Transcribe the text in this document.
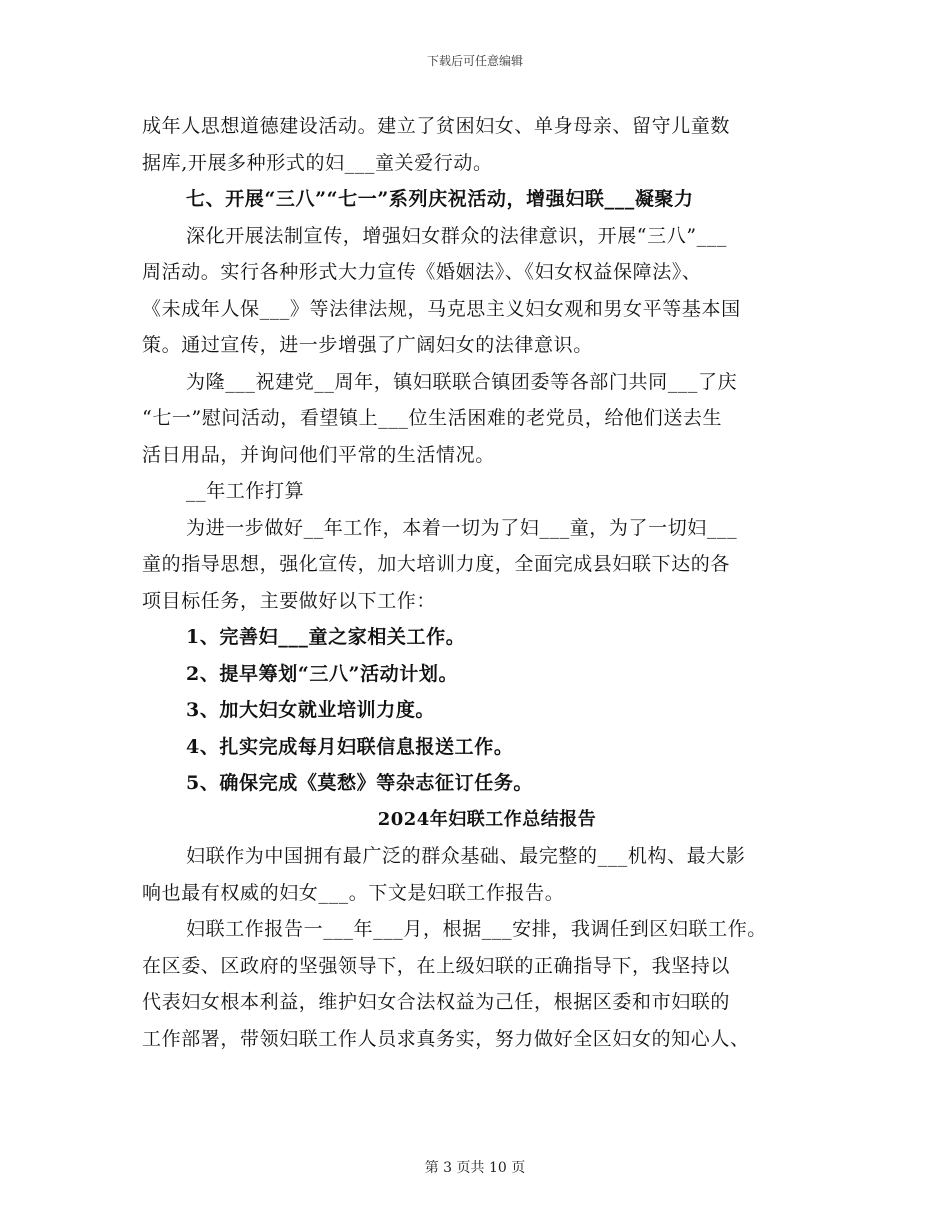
下载后可任意编辑
成年人思想道德建设活动。建立了贫困妇女、单身母亲、留守儿童数
据库,开展多种形式的妇___童关爱行动。
七、开展“三八”“七一”系列庆祝活动，增强妇联___凝聚力
深化开展法制宣传，增强妇女群众的法律意识，开展“三八”___
周活动。实行各种形式大力宣传《婚姻法》、《妇女权益保障法》、
《未成年人保___》等法律法规，马克思主义妇女观和男女平等基本国
策。通过宣传，进一步增强了广阔妇女的法律意识。
为隆___祝建党__周年，镇妇联联合镇团委等各部门共同___了庆
“七一”慰问活动，看望镇上___位生活困难的老党员，给他们送去生
活日用品，并询问他们平常的生活情况。
__年工作打算
为进一步做好__年工作，本着一切为了妇___童，为了一切妇___
童的指导思想，强化宣传，加大培训力度，全面完成县妇联下达的各
项目标任务，主要做好以下工作：
1、完善妇___童之家相关工作。
2、提早筹划“三八”活动计划。
3、加大妇女就业培训力度。
4、扎实完成每月妇联信息报送工作。
5、确保完成《莫愁》等杂志征订任务。
2024年妇联工作总结报告
妇联作为中国拥有最广泛的群众基础、最完整的___机构、最大影
响也最有权威的妇女___。下文是妇联工作报告。
妇联工作报告一___年___月，根据___安排，我调任到区妇联工作。
在区委、区政府的坚强领导下，在上级妇联的正确指导下，我坚持以
代表妇女根本利益，维护妇女合法权益为己任，根据区委和市妇联的
工作部署，带领妇联工作人员求真务实，努力做好全区妇女的知心人、
第 3 页共 10 页
